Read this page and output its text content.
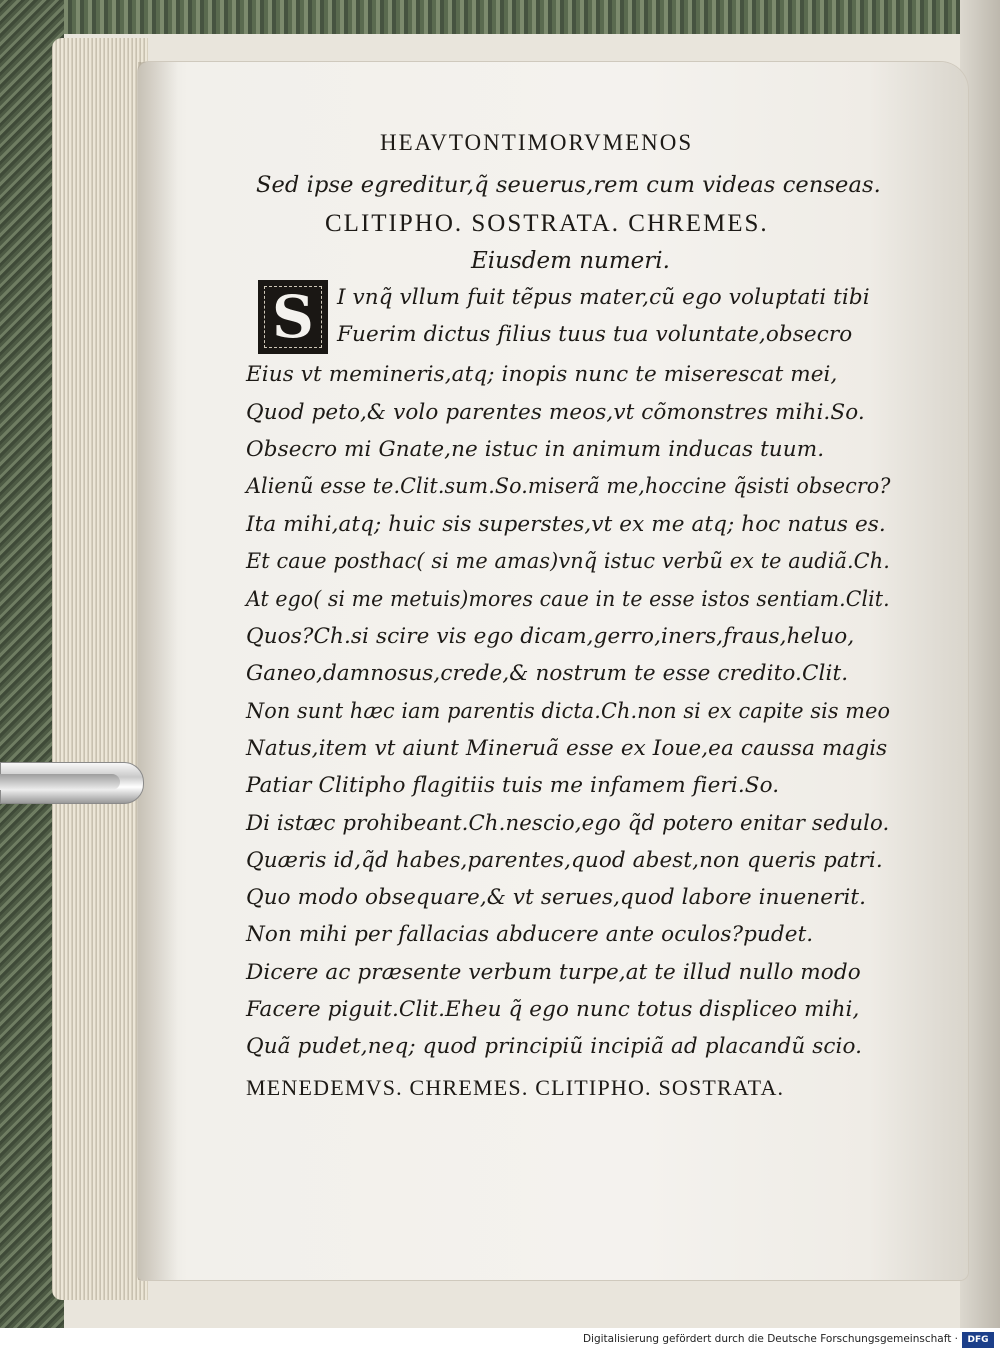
HEAVTONTIMORVMENOS
Sed ipse egreditur,q̃ seuerus,rem cum videas censeas.
CLITIPHO. SOSTRATA. CHREMES.
Eiusdem numeri.
S	I vnq̃ vllum fuit tẽpus mater,cũ ego voluptati tibi
Fuerim dictus filius tuus tua voluntate,obsecro
Eius vt memineris,atq; inopis nunc te miserescat mei,
Quod peto,& volo parentes meos,vt cõmonstres mihi.So.
Obsecro mi Gnate,ne istuc in animum inducas tuum.
Alienũ esse te.Clit.sum.So.miserã me,hoccine q̃sisti obsecro?
Ita mihi,atq; huic sis superstes,vt ex me atq; hoc natus es.
Et caue posthac( si me amas)vnq̃ istuc verbũ ex te audiã.Ch.
At ego( si me metuis)mores caue in te esse istos sentiam.Clit.
Quos?Ch.si scire vis ego dicam,gerro,iners,fraus,heluo,
Ganeo,damnosus,crede,& nostrum te esse credito.Clit.
Non sunt hæc iam parentis dicta.Ch.non si ex capite sis meo
Natus,item vt aiunt Mineruã esse ex Ioue,ea caussa magis
Patiar Clitipho flagitiis tuis me infamem fieri.So.
Di istæc prohibeant.Ch.nescio,ego q̃d potero enitar sedulo.
Quæris id,q̃d habes,parentes,quod abest,non queris patri.
Quo modo obsequare,& vt serues,quod labore inuenerit.
Non mihi per fallacias abducere ante oculos?pudet.
Dicere ac præsente verbum turpe,at te illud nullo modo
Facere piguit.Clit.Eheu q̃ ego nunc totus displiceo mihi,
Quã pudet,neq; quod principiũ incipiã ad placandũ scio.
MENEDEMVS. CHREMES. CLITIPHO. SOSTRATA.
Digitalisierung gefördert durch die Deutsche Forschungsgemeinschaft ·	DFG
